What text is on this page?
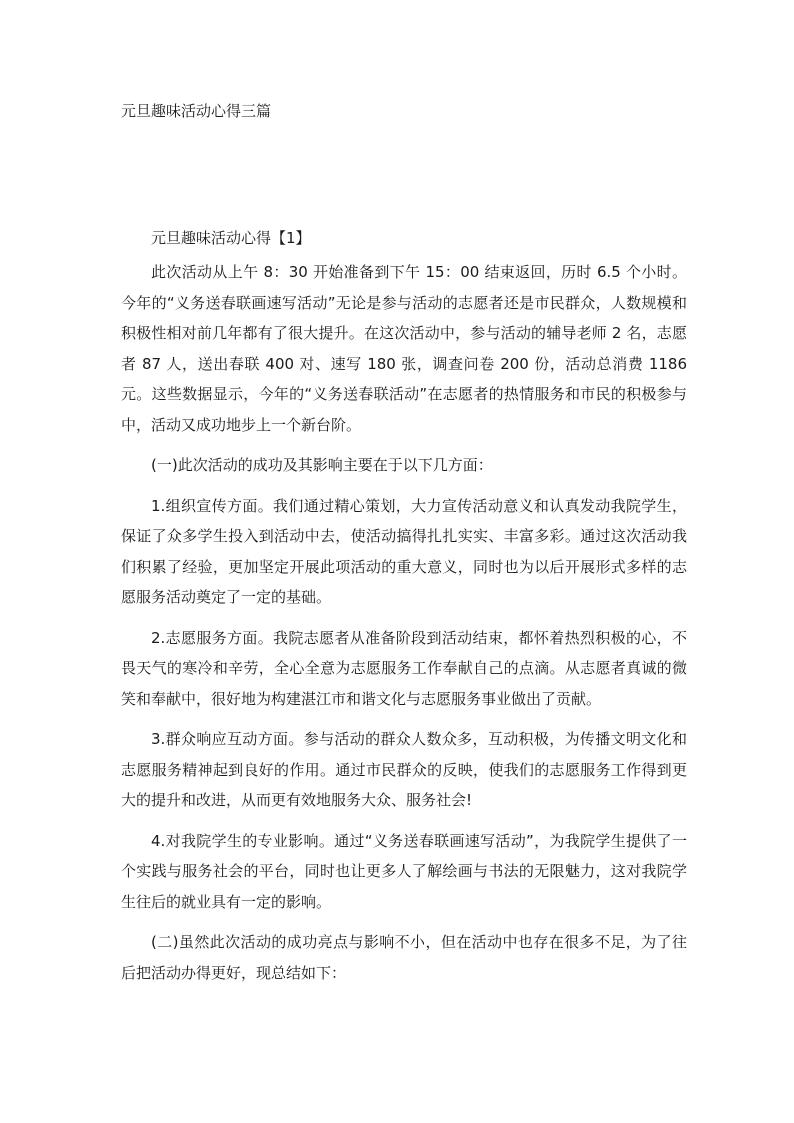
元旦趣味活动心得三篇
元旦趣味活动心得【1】

此次活动从上午 8：30 开始准备到下午 15：00 结束返回，历时 6.5 个小时。今年的“义务送春联画速写活动”无论是参与活动的志愿者还是市民群众，人数规模和积极性相对前几年都有了很大提升。在这次活动中，参与活动的辅导老师 2 名，志愿者 87 人，送出春联 400 对、速写 180 张，调查问卷 200 份，活动总消费 1186 元。这些数据显示，今年的“义务送春联活动”在志愿者的热情服务和市民的积极参与中，活动又成功地步上一个新台阶。

(一)此次活动的成功及其影响主要在于以下几方面：

1.组织宣传方面。我们通过精心策划，大力宣传活动意义和认真发动我院学生，保证了众多学生投入到活动中去，使活动搞得扎扎实实、丰富多彩。通过这次活动我们积累了经验，更加坚定开展此项活动的重大意义，同时也为以后开展形式多样的志愿服务活动奠定了一定的基础。

2.志愿服务方面。我院志愿者从准备阶段到活动结束，都怀着热烈积极的心，不畏天气的寒冷和辛劳，全心全意为志愿服务工作奉献自己的点滴。从志愿者真诚的微笑和奉献中，很好地为构建湛江市和谐文化与志愿服务事业做出了贡献。

3.群众响应互动方面。参与活动的群众人数众多，互动积极，为传播文明文化和志愿服务精神起到良好的作用。通过市民群众的反映，使我们的志愿服务工作得到更大的提升和改进，从而更有效地服务大众、服务社会!

4.对我院学生的专业影响。通过“义务送春联画速写活动”，为我院学生提供了一个实践与服务社会的平台，同时也让更多人了解绘画与书法的无限魅力，这对我院学生往后的就业具有一定的影响。

(二)虽然此次活动的成功亮点与影响不小，但在活动中也存在很多不足，为了往后把活动办得更好，现总结如下：
